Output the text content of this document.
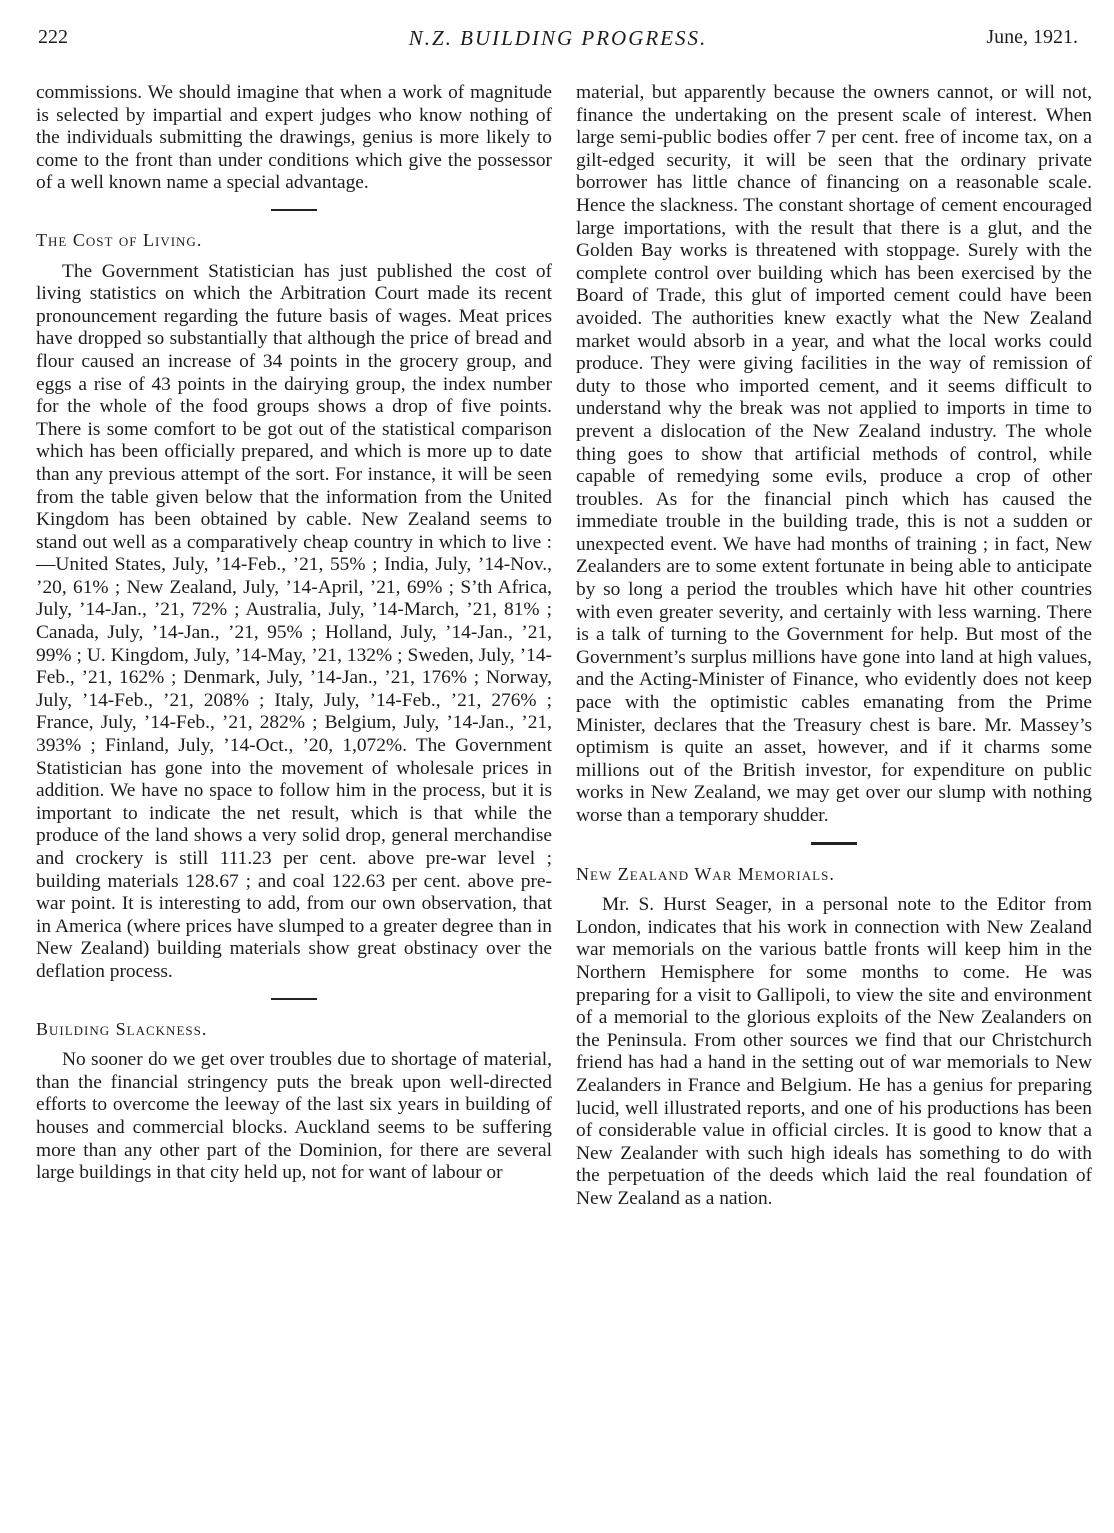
222	N.Z. BUILDING PROGRESS.	June, 1921.

commissions. We should imagine that when a work of magnitude is selected by impartial and expert judges who know nothing of the individuals submitting the drawings, genius is more likely to come to the front than under conditions which give the possessor of a well known name a special advantage.

The Cost of Living.

The Government Statistician has just published the cost of living statistics on which the Arbitration Court made its recent pronouncement regarding the future basis of wages. Meat prices have dropped so substantially that although the price of bread and flour caused an increase of 34 points in the grocery group, and eggs a rise of 43 points in the dairying group, the index number for the whole of the food groups shows a drop of five points. There is some comfort to be got out of the statistical comparison which has been officially prepared, and which is more up to date than any previous attempt of the sort. For instance, it will be seen from the table given below that the information from the United Kingdom has been obtained by cable. New Zealand seems to stand out well as a comparatively cheap country in which to live :—United States, July, ’14-Feb., ’21, 55% ; India, July, ’14-Nov., ’20, 61% ; New Zealand, July, ’14-April, ’21, 69% ; S’th Africa, July, ’14-Jan., ’21, 72% ; Australia, July, ’14-March, ’21, 81% ; Canada, July, ’14-Jan., ’21, 95% ; Holland, July, ’14-Jan., ’21, 99% ; U. Kingdom, July, ’14-May, ’21, 132% ; Sweden, July, ’14-Feb., ’21, 162% ; Denmark, July, ’14-Jan., ’21, 176% ; Norway, July, ’14-Feb., ’21, 208% ; Italy, July, ’14-Feb., ’21, 276% ; France, July, ’14-Feb., ’21, 282% ; Belgium, July, ’14-Jan., ’21, 393% ; Finland, July, ’14-Oct., ’20, 1,072%. The Government Statistician has gone into the movement of wholesale prices in addition. We have no space to follow him in the process, but it is important to indicate the net result, which is that while the produce of the land shows a very solid drop, general merchandise and crockery is still 111.23 per cent. above pre-war level ; building materials 128.67 ; and coal 122.63 per cent. above pre-war point. It is interesting to add, from our own observation, that in America (where prices have slumped to a greater degree than in New Zealand) building materials show great obstinacy over the deflation process.

Building Slackness.

No sooner do we get over troubles due to shortage of material, than the financial stringency puts the break upon well-directed efforts to overcome the leeway of the last six years in building of houses and commercial blocks. Auckland seems to be suffering more than any other part of the Dominion, for there are several large buildings in that city held up, not for want of labour or

material, but apparently because the owners cannot, or will not, finance the undertaking on the present scale of interest. When large semi-public bodies offer 7 per cent. free of income tax, on a gilt-edged security, it will be seen that the ordinary private borrower has little chance of financing on a reasonable scale. Hence the slackness. The constant shortage of cement encouraged large importations, with the result that there is a glut, and the Golden Bay works is threatened with stoppage. Surely with the complete control over building which has been exercised by the Board of Trade, this glut of imported cement could have been avoided. The authorities knew exactly what the New Zealand market would absorb in a year, and what the local works could produce. They were giving facilities in the way of remission of duty to those who imported cement, and it seems difficult to understand why the break was not applied to imports in time to prevent a dislocation of the New Zealand industry. The whole thing goes to show that artificial methods of control, while capable of remedying some evils, produce a crop of other troubles. As for the financial pinch which has caused the immediate trouble in the building trade, this is not a sudden or unexpected event. We have had months of training ; in fact, New Zealanders are to some extent fortunate in being able to anticipate by so long a period the troubles which have hit other countries with even greater severity, and certainly with less warning. There is a talk of turning to the Government for help. But most of the Government’s surplus millions have gone into land at high values, and the Acting-Minister of Finance, who evidently does not keep pace with the optimistic cables emanating from the Prime Minister, declares that the Treasury chest is bare. Mr. Massey’s optimism is quite an asset, however, and if it charms some millions out of the British investor, for expenditure on public works in New Zealand, we may get over our slump with nothing worse than a temporary shudder.

New Zealand War Memorials.

Mr. S. Hurst Seager, in a personal note to the Editor from London, indicates that his work in connection with New Zealand war memorials on the various battle fronts will keep him in the Northern Hemisphere for some months to come. He was preparing for a visit to Gallipoli, to view the site and environment of a memorial to the glorious exploits of the New Zealanders on the Peninsula. From other sources we find that our Christchurch friend has had a hand in the setting out of war memorials to New Zealanders in France and Belgium. He has a genius for preparing lucid, well illustrated reports, and one of his productions has been of considerable value in official circles. It is good to know that a New Zealander with such high ideals has something to do with the perpetuation of the deeds which laid the real foundation of New Zealand as a nation.
